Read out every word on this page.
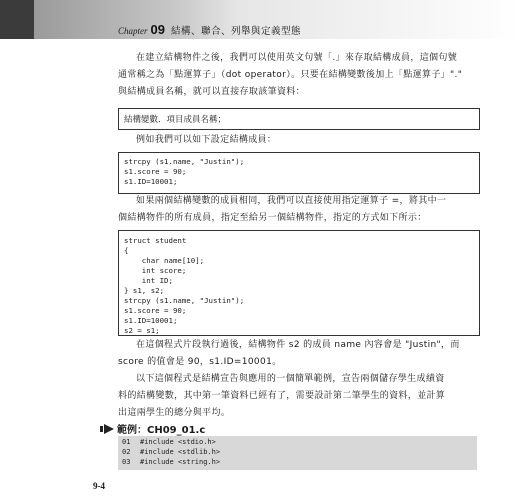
Chapter 09 結構、聯合、列舉與定義型態
在建立結構物件之後，我們可以使用英文句號「.」來存取結構成員，這個句號
通常稱之為「點運算子」（dot operator）。只要在結構變數後加上「點運算子」"."
與結構成員名稱，就可以直接存取該筆資料：
結構變數．項目成員名稱；
例如我們可以如下設定結構成員：
strcpy (s1.name, "Justin");
s1.score = 90;
s1.ID=10001;
如果兩個結構變數的成員相同，我們可以直接使用指定運算子 =，將其中一
個結構物件的所有成員，指定至給另一個結構物件，指定的方式如下所示：
struct student
{
char name[10];
int score;
int ID;
} s1, s2;
strcpy (s1.name, "Justin");
s1.score = 90;
s1.ID=10001;
s2 = s1;
在這個程式片段執行過後，結構物件 s2 的成員 name 內容會是 "Justin"，而
score 的值會是 90，s1.ID=10001。
以下這個程式是結構宣告與應用的一個簡單範例，宣告兩個儲存學生成績資
料的結構變數，其中第一筆資料已經有了，需要設計第二筆學生的資料，並計算
出這兩學生的總分與平均。
範例：CH09_01.c
01 #include <stdio.h>
02 #include <stdlib.h>
03 #include <string.h>
9-4
